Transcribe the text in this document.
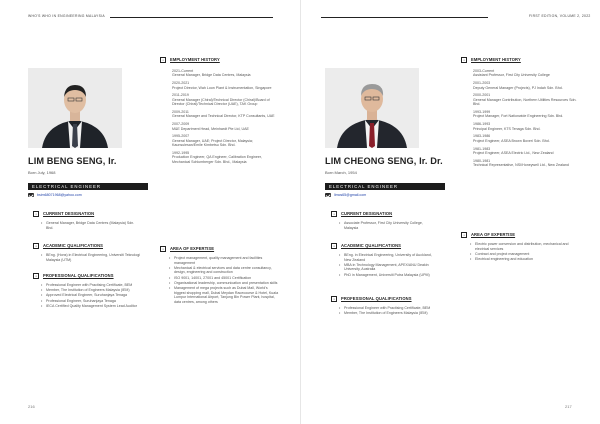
WHO'S WHO IN ENGINEERING MALAYSIA
LIM BENG SENG, Ir.
Born July, 1968
ELECTRICAL ENGINEER
bsim68071968@yahoo.com
▪	CURRENT DESIGNATION
• General Manager, Bridge Data Centres (Malaysia) Sdn. Bhd.
▪	ACADEMIC QUALIFICATIONS
• BEng. (Hons) in Electrical Engineering, Universiti Teknologi Malaysia (UTM)
▪	PROFESSIONAL QUALIFICATIONS
• Professional Engineer with Practising Certificate, BEM
• Member, The Institution of Engineers Malaysia (IEM)
• Approved Electrical Engineer, Suruhanjaya Tenaga
• Professional Engineer, Suruhanjaya Tenaga
• IECA Certified Quality Management System Lead Auditor
▪	EMPLOYMENT HISTORY
2021-Current
General Manager, Bridge Data Centres, Malaysia
2020-2021
Project Director, Wah Loon Plant & Instrumentation, Singapore
2011-2019
General Manager (Chiral)/Technical Director (Chiral)/Board of Director (Chiral)/Technical Director (UAE), TAK Group
2009-2011
General Manager and Technical Director, KTP Consultants, UAE
2007-2009
M&E Department Head, Meinhardt Pte Ltd, UAE
1995-2007
General Manager, UAE; Project Director, Malaysia; Kaunsulesan/Emile Kimbetsu Sdn. Bhd.
1992-1995
Production Engineer, QA Engineer, Calibration Engineer, Mechanical Schlumberger Sdn. Bhd., Malaysia
▪	AREA OF EXPERTISE
• Project management, quality management and facilities management
• Mechanical & electrical services and data centre consultancy, design, engineering and construction
• ISO 9001, 14001, 27001 and 45001 Certification
• Organisational leadership, communication and presentation skills
• Management of mega projects such as Dubai Mall, World's biggest shopping mall, Dubai Meydan Racecourse & Hotel, Kuala Lumpur International Airport, Tanjung Bin Power Plant, hospital, data centres, among others
216
FIRST EDITION, VOLUME 2, 2022
LIM CHEONG SENG, Ir. Dr.
Born March, 1954
ELECTRICAL ENGINEER
limcs65@gmail.com
▪	CURRENT DESIGNATION
• Associate Professor, First City University College, Malaysia
▪	ACADEMIC QUALIFICATIONS
• BEng. in Electrical Engineering, University of Auckland, New Zealand
• MBA in Technology Management, APEX/ANU Deakin University, Australia
• PhD in Management, Universiti Putra Malaysia (UPM)
▪	PROFESSIONAL QUALIFICATIONS
• Professional Engineer with Practising Certificate, BEM
• Member, The Institution of Engineers Malaysia (IEM)
▪	EMPLOYMENT HISTORY
2003-Current
Assistant Professor, First City University College
2001-2003
Deputy General Manager (Projects), PJ Indah Sdn. Bhd.
2000-2001
General Manager Contribution, Northern Utilities Resources Sdn. Bhd.
1993-1999
Project Manager, Fort Nationwide Engineering Sdn. Bhd.
1986-1993
Principal Engineer, KTS Tenaga Sdn. Bhd.
1983-1986
Project Engineer, ASEA Brown Boveri Sdn. Bhd.
1981-1983
Project Engineer, ASEA Electric Ltd., New Zealand
1980-1981
Technical Representative, NSI/Honeywell Ltd., New Zealand
▪	AREA OF EXPERTISE
• Electric power conversion and distribution, mechanical and electrical services
• Contract and project management
• Electrical engineering and education
217
